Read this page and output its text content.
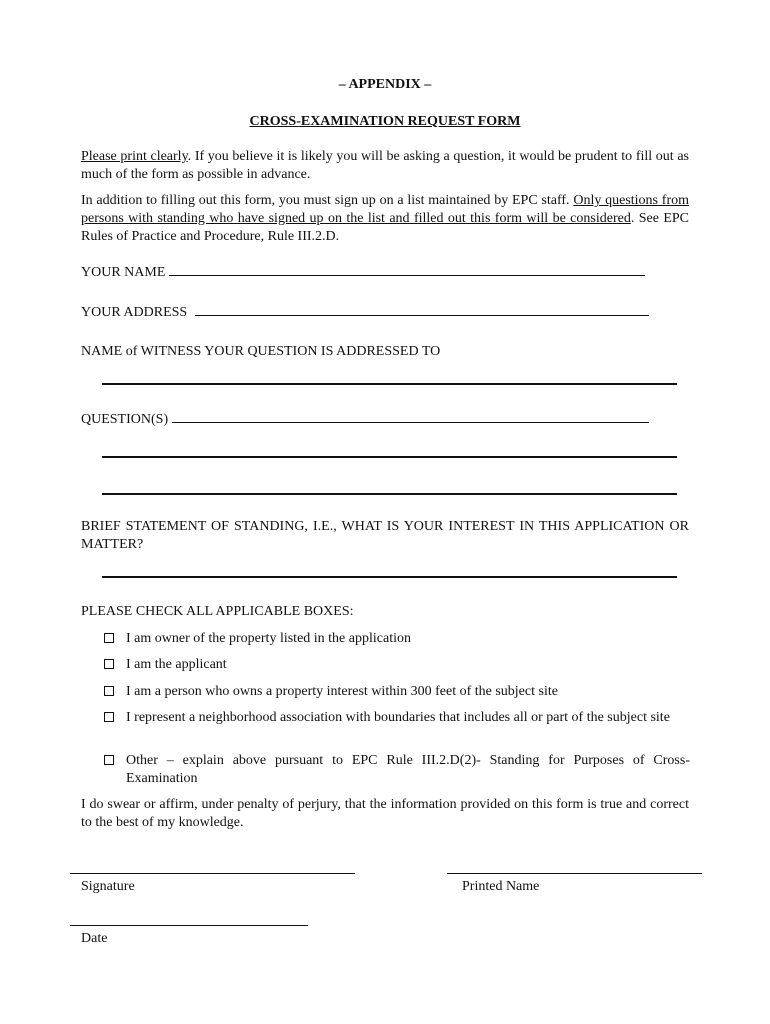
– APPENDIX –
CROSS-EXAMINATION REQUEST FORM
Please print clearly. If you believe it is likely you will be asking a question, it would be prudent to fill out as much of the form as possible in advance.
In addition to filling out this form, you must sign up on a list maintained by EPC staff. Only questions from persons with standing who have signed up on the list and filled out this form will be considered. See EPC Rules of Practice and Procedure, Rule III.2.D.
YOUR NAME
YOUR ADDRESS
NAME of WITNESS YOUR QUESTION IS ADDRESSED TO
QUESTION(S)
BRIEF STATEMENT OF STANDING, I.E., WHAT IS YOUR INTEREST IN THIS APPLICATION OR MATTER?
PLEASE CHECK ALL APPLICABLE BOXES:
I am owner of the property listed in the application
I am the applicant
I am a person who owns a property interest within 300 feet of the subject site
I represent a neighborhood association with boundaries that includes all or part of the subject site
Other – explain above pursuant to EPC Rule III.2.D(2)- Standing for Purposes of Cross-Examination
I do swear or affirm, under penalty of perjury, that the information provided on this form is true and correct to the best of my knowledge.
Signature	Printed Name
Date
